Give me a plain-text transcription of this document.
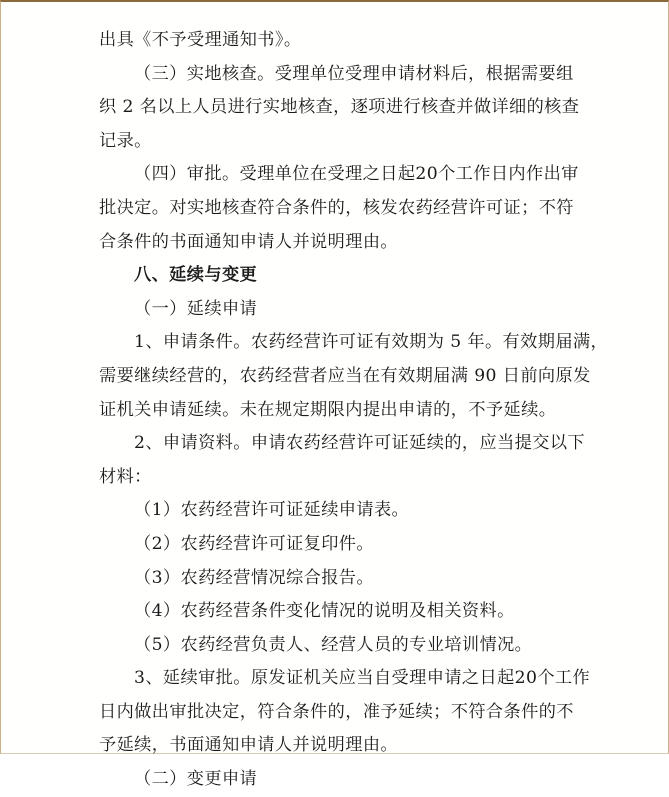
出具《不予受理通知书》。
（三）实地核查。受理单位受理申请材料后，根据需要组
织 2 名以上人员进行实地核查，逐项进行核查并做详细的核查
记录。
（四）审批。受理单位在受理之日起20个工作日内作出审
批决定。对实地核查符合条件的，核发农药经营许可证；不符
合条件的书面通知申请人并说明理由。
八、延续与变更
（一）延续申请
1、申请条件。农药经营许可证有效期为 5 年。有效期届满，
需要继续经营的，农药经营者应当在有效期届满 90 日前向原发
证机关申请延续。未在规定期限内提出申请的，不予延续。
2、申请资料。申请农药经营许可证延续的，应当提交以下
材料：
（1）农药经营许可证延续申请表。
（2）农药经营许可证复印件。
（3）农药经营情况综合报告。
（4）农药经营条件变化情况的说明及相关资料。
（5）农药经营负责人、经营人员的专业培训情况。
3、延续审批。原发证机关应当自受理申请之日起20个工作
日内做出审批决定，符合条件的，准予延续；不符合条件的不
予延续，书面通知申请人并说明理由。
（二）变更申请
